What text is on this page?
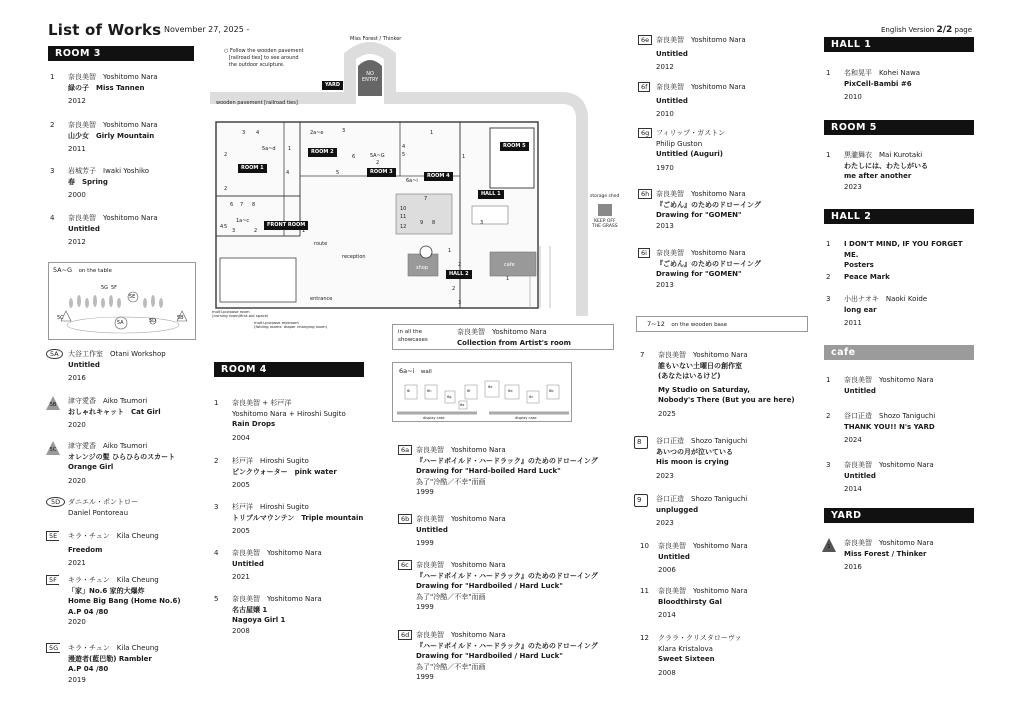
List of Works November 27, 2025 -	English Version 2/2 page
ROOM 3
1	奈良美智　Yoshitomo Nara
緑の子　Miss Tannen
2012
2	奈良美智　Yoshitomo Nara
山少女　Girly Mountain
2011
3	岩城芳子　Iwaki Yoshiko
春　Spring
2000
4	奈良美智　Yoshitomo Nara
Untitled
2012
5A~G　 on the table
5G 5F
5E
5C
5A	5D	5B
5A	大谷工作室　Otani Workshop
Untitled
2016
5B 津守愛香　Aiko Tsumori
おしゃれキャット　Cat Girl
2020
5C 津守愛香　Aiko Tsumori
オレンジの髪 ひらひらのスカート
Orange Girl
2020
5D	ダニエル・ポントロー
Daniel Pontoreau
5E キラ・チュン　Kila Cheung
Freedom
2021
5F キラ・チュン　Kila Cheung
「家」No.6 家的大爆炸
Home Big Bang (Home No.6)
A.P 04 /80
2020
5G キラ・チュン　Kila Cheung
漫遊者(藍巴勒) Rambler
A.P 04 /80
2019
○ Follow the wooden pavement
[railroad ties] to see around
the outdoor sculpture.
Miss Forest / Thinker
NO
ENTRY
YARD
wooden pavement [railroad ties]
ROOM 1
ROOM 2
ROOM 3
ROOM 4
ROOM 5
HALL 1
HALL 2
FRONT ROOM
route
reception
shop	cafe
entrance
storage shed
KEEP OFF
THE GRASS
multi-purpose room
(nursing room/first-aid space)
multi-purpose restroom
(folding rooms' diaper changing room)
3 4	2a~e	3	1
5a~d
2
1
6	5A~G
4
5
2
4	5
6a~i
1
2
6 7 8
1a~c
4 5
3	2	1
7
10
11
12
9 8	3
1
2
1
2
3
in all the
showcases
奈良美智　Yoshitomo Nara
Collection from Artist's room
6a~i　 wall
6i	6h
6g
6f
6e
6d
6c
6b
6a
display case	display case
ROOM 4
1	奈良美智 + 杉戸洋
Yoshitomo Nara + Hiroshi Sugito
Rain Drops
2004
2	杉戸洋　Hiroshi Sugito
ピンクウォーター　pink water
2005
3	杉戸洋　Hiroshi Sugito
トリプルマウンテン　Triple mountain
2005
4	奈良美智　Yoshitomo Nara
Untitled
2021
5	奈良美智　Yoshitomo Nara
名古屋嬢 1
Nagoya Girl 1
2008
6a 奈良美智　Yoshitomo Nara
『ハードボイルド・ハードラック』のためのドローイング
Drawing for "Hard-boiled Hard Luck"
為了"冷酷／不幸"而画
1999
6b 奈良美智　Yoshitomo Nara
Untitled
1999
6c	奈良美智　Yoshitomo Nara
『ハードボイルド・ハードラック』のためのドローイング
Drawing for "Hardboiled / Hard Luck"
為了"冷酷／不幸"而画
1999
6d 奈良美智　Yoshitomo Nara
『ハードボイルド・ハードラック』のためのドローイング
Drawing for "Hardboiled / Hard Luck"
為了"冷酷／不幸"而画
1999
6e 奈良美智　Yoshitomo Nara
Untitled
2012
6f	奈良美智　Yoshitomo Nara
Untitled
2010
6g フィリップ・ガストン
Philip Guston
Untitled (Auguri)
1970
6h 奈良美智　Yoshitomo Nara
『ごめん』のためのドローイング
Drawing for "GOMEN"
2013
6i	奈良美智　Yoshitomo Nara
『ごめん』のためのドローイング
Drawing for "GOMEN"
2013
7~12　 on the wooden base
7	奈良美智　Yoshitomo Nara
誰もいない土曜日の創作室
(あなたはいるけど)
My Studio on Saturday,
Nobody's There (But you are here)
2025
8	谷口正造　Shozo Taniguchi
あいつの月が泣いている
His moon is crying
2023
9	谷口正造　Shozo Taniguchi
unplugged
2023
10	奈良美智　Yoshitomo Nara
Untitled
2006
11	奈良美智　Yoshitomo Nara
Bloodthirsty Gal
2014
12	クララ・クリスタローヴァ
Klara Kristalova
Sweet Sixteen
2008
HALL 1
1	名和晃平　Kohei Nawa
PixCell-Bambi #6
2010
ROOM 5
1	黒瀧舞衣　Mai Kurotaki
わたしには、わたしがいる
me after another
2023
HALL 2
1	I DON'T MIND, IF YOU FORGET ME.
Posters
2	Peace Mark
3	小出ナオキ　Naoki Koide
long ear
2011
cafe
1	奈良美智　Yoshitomo Nara
Untitled
2	谷口正造　Shozo Taniguchi
THANK YOU!! N's YARD
2024
3	奈良美智　Yoshitomo Nara
Untitled
2014
YARD
1	奈良美智　Yoshitomo Nara
Miss Forest / Thinker
2016
